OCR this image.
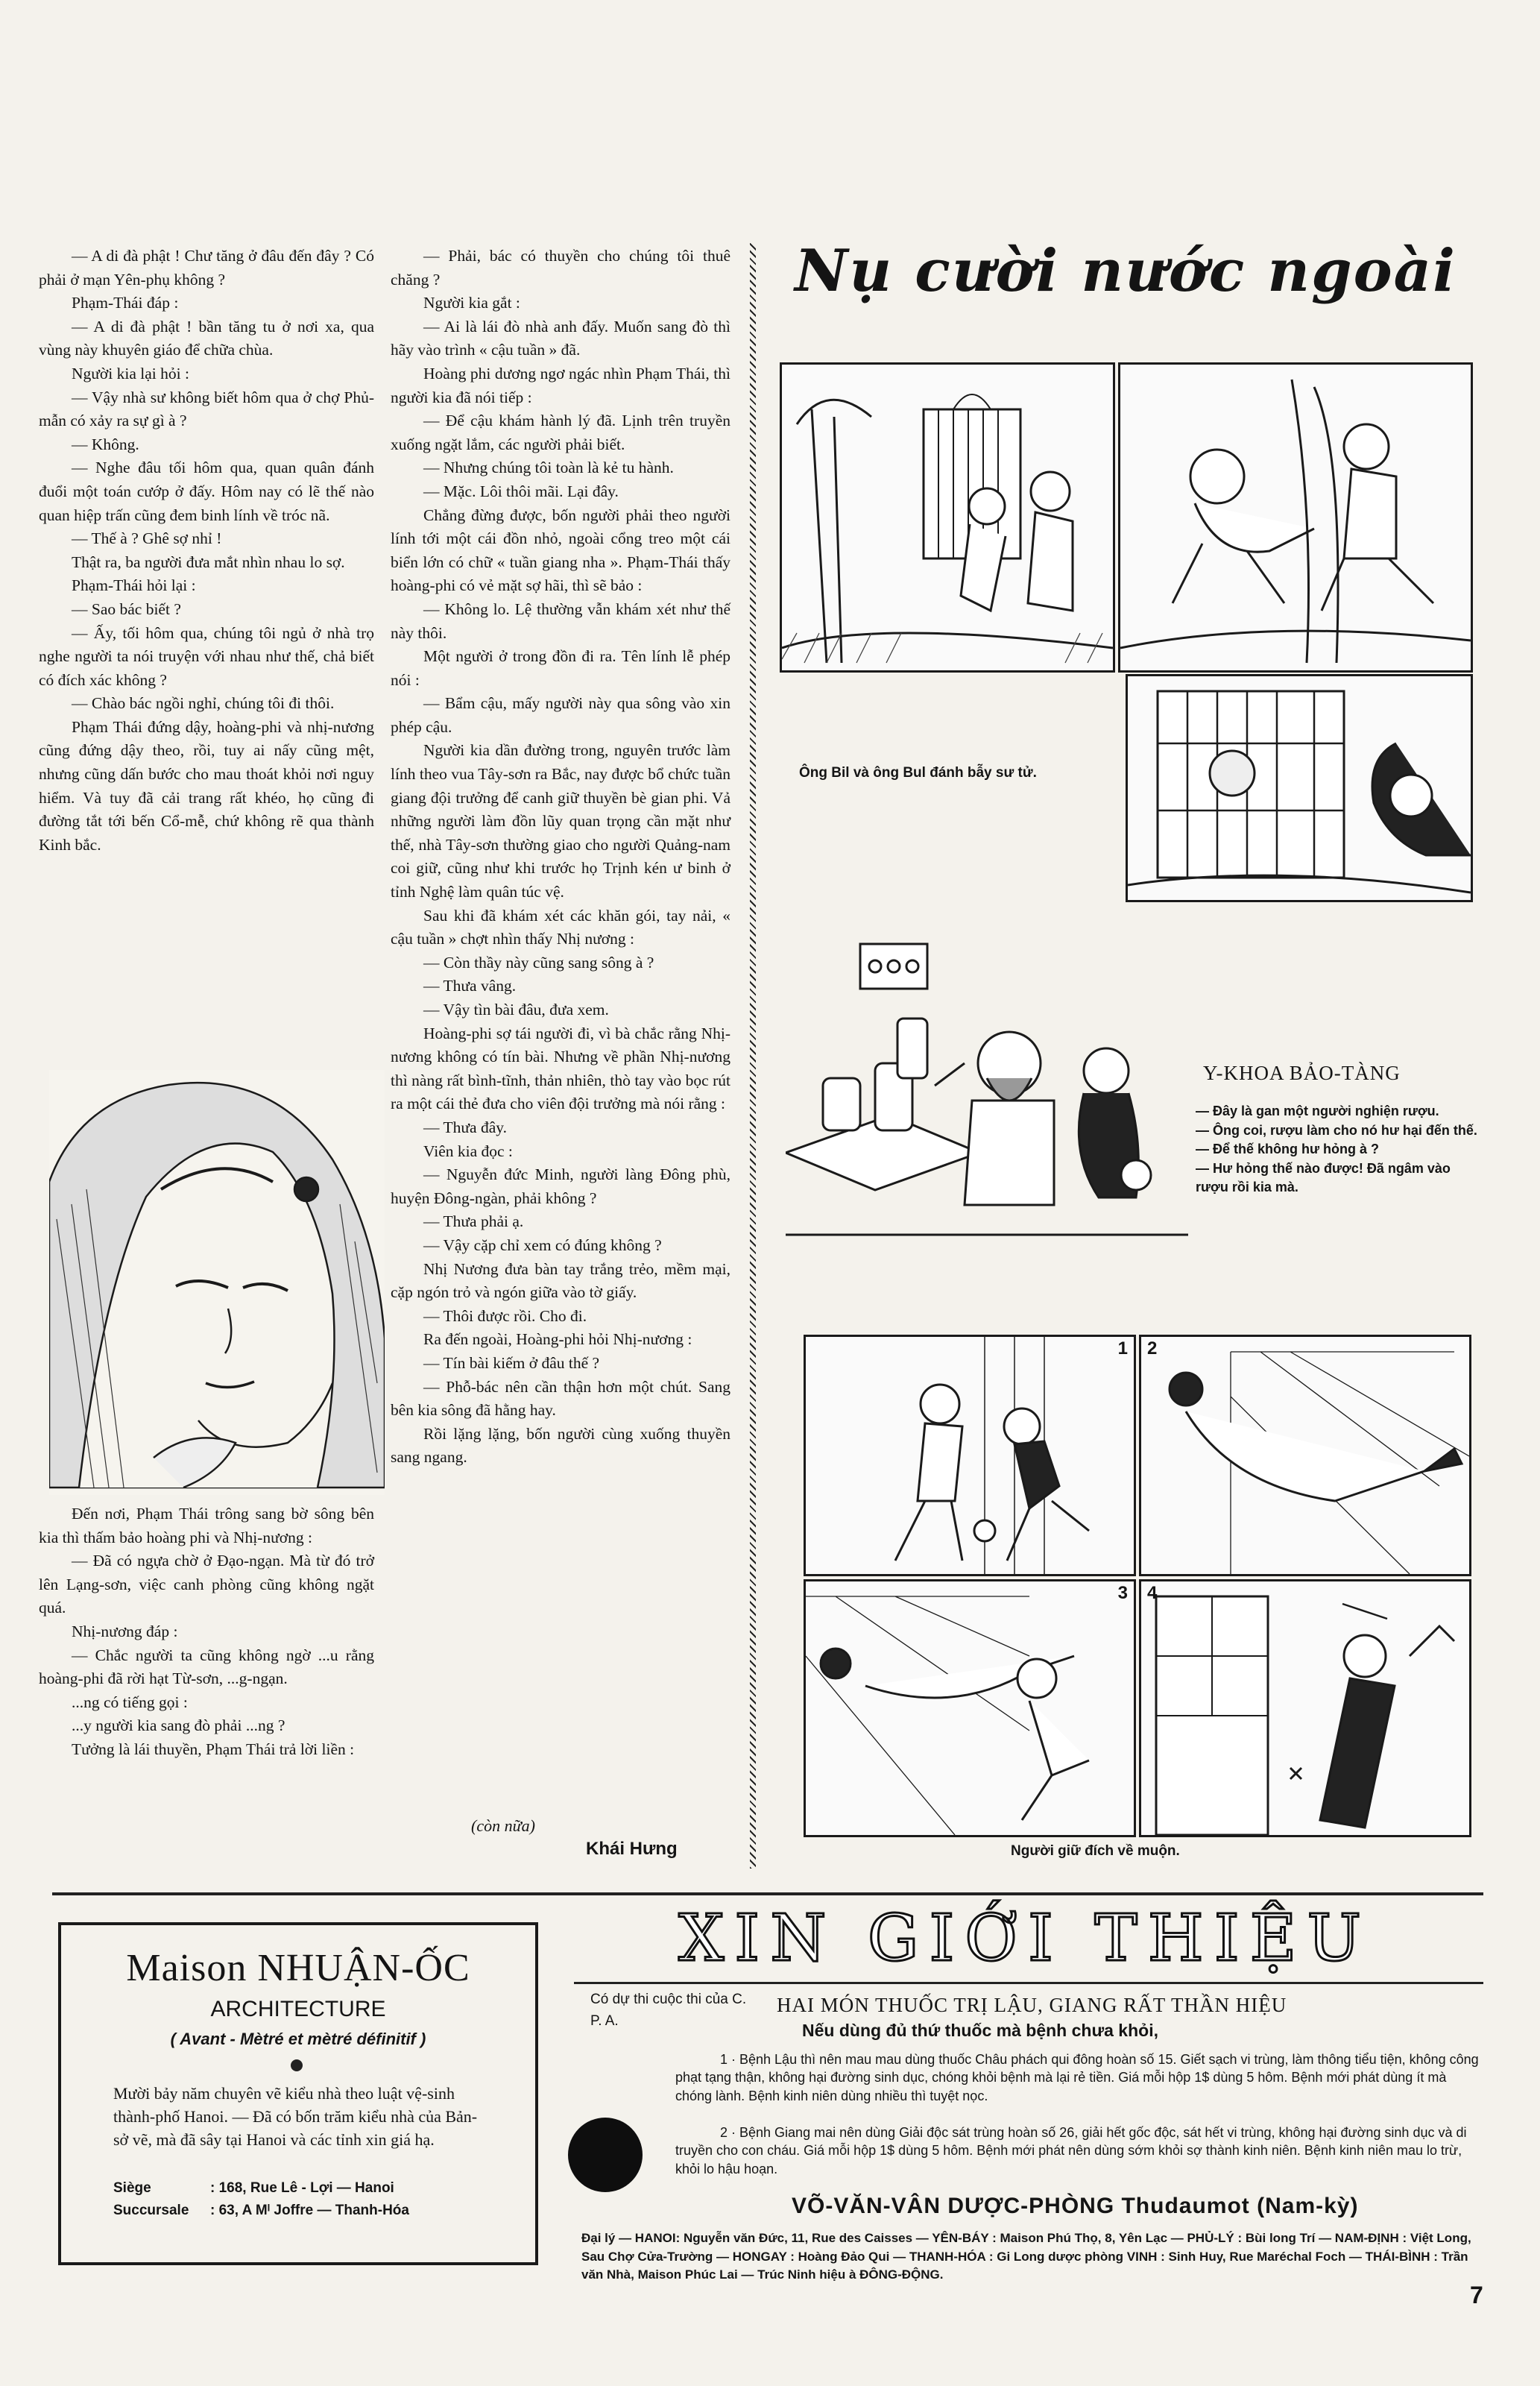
— A di đà phật ! Chư tăng ở đâu đến đây ? Có phải ở mạn Yên-phụ không ?

Phạm-Thái đáp :

— A di đà phật ! bần tăng tu ở nơi xa, qua vùng này khuyên giáo để chữa chùa.

Người kia lại hỏi :

— Vậy nhà sư không biết hôm qua ở chợ Phủ-mẫn có xảy ra sự gì à ?

— Không.

— Nghe đâu tối hôm qua, quan quân đánh đuổi một toán cướp ở đấy. Hôm nay có lẽ thế nào quan hiệp trấn cũng đem binh lính về tróc nã.

— Thế à ? Ghê sợ nhỉ !

Thật ra, ba người đưa mắt nhìn nhau lo sợ.

Phạm-Thái hỏi lại :

— Sao bác biết ?

— Ấy, tối hôm qua, chúng tôi ngủ ở nhà trọ nghe người ta nói truyện với nhau như thế, chả biết có đích xác không ?

— Chào bác ngồi nghỉ, chúng tôi đi thôi.

Phạm Thái đứng dậy, hoàng-phi và nhị-nương cũng đứng dậy theo, rồi, tuy ai nấy cũng mệt, nhưng cũng dấn bước cho mau thoát khỏi nơi nguy hiểm. Và tuy đã cải trang rất khéo, họ cũng đi đường tắt tới bến Cổ-mễ, chứ không rẽ qua thành Kinh bắc.

Đến nơi, Phạm Thái trông sang bờ sông bên kia thì thấm bảo hoàng phi và Nhị-nương :

— Đã có ngựa chờ ở Đạo-ngạn. Mà từ đó trở lên Lạng-sơn, việc canh phòng cũng không ngặt quá.

Nhị-nương đáp :

— Chắc người ta cũng không ngờ ...u rằng hoàng-phi đã rời hạt Từ-sơn, ...g-ngạn.

...ng có tiếng gọi :

...y người kia sang đò phải ...ng ?

Tưởng là lái thuyền, Phạm Thái trả lời liền :

— Phải, bác có thuyền cho chúng tôi thuê chăng ?

Người kia gắt :

— Ai là lái đò nhà anh đấy. Muốn sang đò thì hãy vào trình « cậu tuần » đã.

Hoàng phi dương ngơ ngác nhìn Phạm Thái, thì người kia đã nói tiếp :

— Để cậu khám hành lý đã. Lịnh trên truyền xuống ngặt lắm, các người phải biết.

— Nhưng chúng tôi toàn là kẻ tu hành.

— Mặc. Lôi thôi mãi. Lại đây.

Chẳng đừng được, bốn người phải theo người lính tới một cái đồn nhỏ, ngoài cổng treo một cái biển lớn có chữ « tuần giang nha ». Phạm-Thái thấy hoàng-phi có vẻ mặt sợ hãi, thì sẽ bảo :

— Không lo. Lệ thường vẫn khám xét như thế này thôi.

Một người ở trong đồn đi ra. Tên lính lễ phép nói :

— Bẩm cậu, mấy người này qua sông vào xin phép cậu.

Người kia dần đường trong, nguyên trước làm lính theo vua Tây-sơn ra Bắc, nay được bổ chức tuần giang đội trưởng để canh giữ thuyền bè gian phi. Vả những người làm đồn lũy quan trọng cần mặt như thế, nhà Tây-sơn thường giao cho người Quảng-nam coi giữ, cũng như khi trước họ Trịnh kén ư binh ở tỉnh Nghệ làm quân túc vệ.

Sau khi đã khám xét các khăn gói, tay nải, « cậu tuần » chợt nhìn thấy Nhị nương :

— Còn thầy này cũng sang sông à ?

— Thưa vâng.

— Vậy tìn bài đâu, đưa xem.

Hoàng-phi sợ tái người đi, vì bà chắc rằng Nhị-nương không có tín bài. Nhưng về phần Nhị-nương thì nàng rất bình-tĩnh, thản nhiên, thò tay vào bọc rút ra một cái thẻ đưa cho viên đội trưởng mà nói rằng :

— Thưa đây.

Viên kia đọc :

— Nguyễn đức Minh, người làng Đông phù, huyện Đông-ngàn, phải không ?

— Thưa phải ạ.

— Vậy cặp chỉ xem có đúng không ?

Nhị Nương đưa bàn tay trắng trẻo, mềm mại, cặp ngón trỏ và ngón giữa vào tờ giấy.

— Thôi được rồi. Cho đi.

Ra đến ngoài, Hoàng-phi hỏi Nhị-nương :

— Tín bài kiếm ở đâu thế ?

— Phỗ-bác nên cần thận hơn một chút. Sang bên kia sông đã hằng hay.

Rồi lặng lặng, bốn người cùng xuống thuyền sang ngang.

(còn nữa)
Khái Hưng
Nụ cười nước ngoài
Ông Bil và ông Bul đánh bẫy sư tử.
Y-KHOA BẢO-TÀNG
— Đây là gan một người nghiện rượu.
— Ông coi, rượu làm cho nó hư hại đến thế.
— Để thế không hư hỏng à ?
— Hư hỏng thế nào được! Đã ngâm vào rượu rồi kia mà.
1 2
3 4
Người giữ đích về muộn.
Maison NHUẬN-ỐC
ARCHITECTURE
( Avant - Mètré et mètré définitif )
Mười bảy năm chuyên vẽ kiểu nhà theo luật vệ-sinh thành-phố Hanoi. — Đã có bốn trăm kiểu nhà của Bản-sở vẽ, mà đã sây tại Hanoi và các tỉnh xin giá hạ.
Siège	: 168, Rue Lê - Lợi — Hanoi
Succursale : 63, A Mᴵ Joffre — Thanh-Hóa
XIN GIỚI THIỆU
Có dự thi cuộc thi của C. P. A.
HAI MÓN THUỐC TRỊ LẬU, GIANG RẤT THẦN HIỆU
Nếu dùng đủ thứ thuốc mà bệnh chưa khỏi,
1 · Bệnh Lậu thì nên mau mau dùng thuốc Châu phách qui đông hoàn số 15. Giết sạch vi trùng, làm thông tiểu tiện, không công phạt tạng thận, không hại đường sinh dục, chóng khỏi bệnh mà lại rẻ tiền. Giá mỗi hộp 1$ dùng 5 hôm. Bệnh mới phát dùng ít mà chóng lành. Bệnh kinh niên dùng nhiều thì tuyệt nọc.
2 · Bệnh Giang mai nên dùng Giải độc sát trùng hoàn số 26, giải hết gốc độc, sát hết vi trùng, không hại đường sinh dục và di truyền cho con cháu. Giá mỗi hộp 1$ dùng 5 hôm. Bệnh mới phát nên dùng sớm khỏi sợ thành kinh niên. Bệnh kinh niên mau lo trừ, khỏi lo hậu hoạn.
VÕ-VĂN-VÂN DƯỢC-PHÒNG Thudaumot (Nam-kỳ)
Đại lý — HANOI: Nguyễn văn Đức, 11, Rue des Caisses — YÊN-BÁY : Maison Phú Thọ, 8, Yên Lạc — PHỦ-LÝ : Bùi long Trí — NAM-ĐỊNH : Việt Long, Sau Chợ Cửa-Trường — HONGAY : Hoàng Đảo Qui — THANH-HÓA : Gi Long dược phòng VINH : Sinh Huy, Rue Maréchal Foch — THÁI-BÌNH : Trần văn Nhà, Maison Phúc Lai — Trúc Ninh hiệu à ĐÔNG-ĐỘNG.
7
